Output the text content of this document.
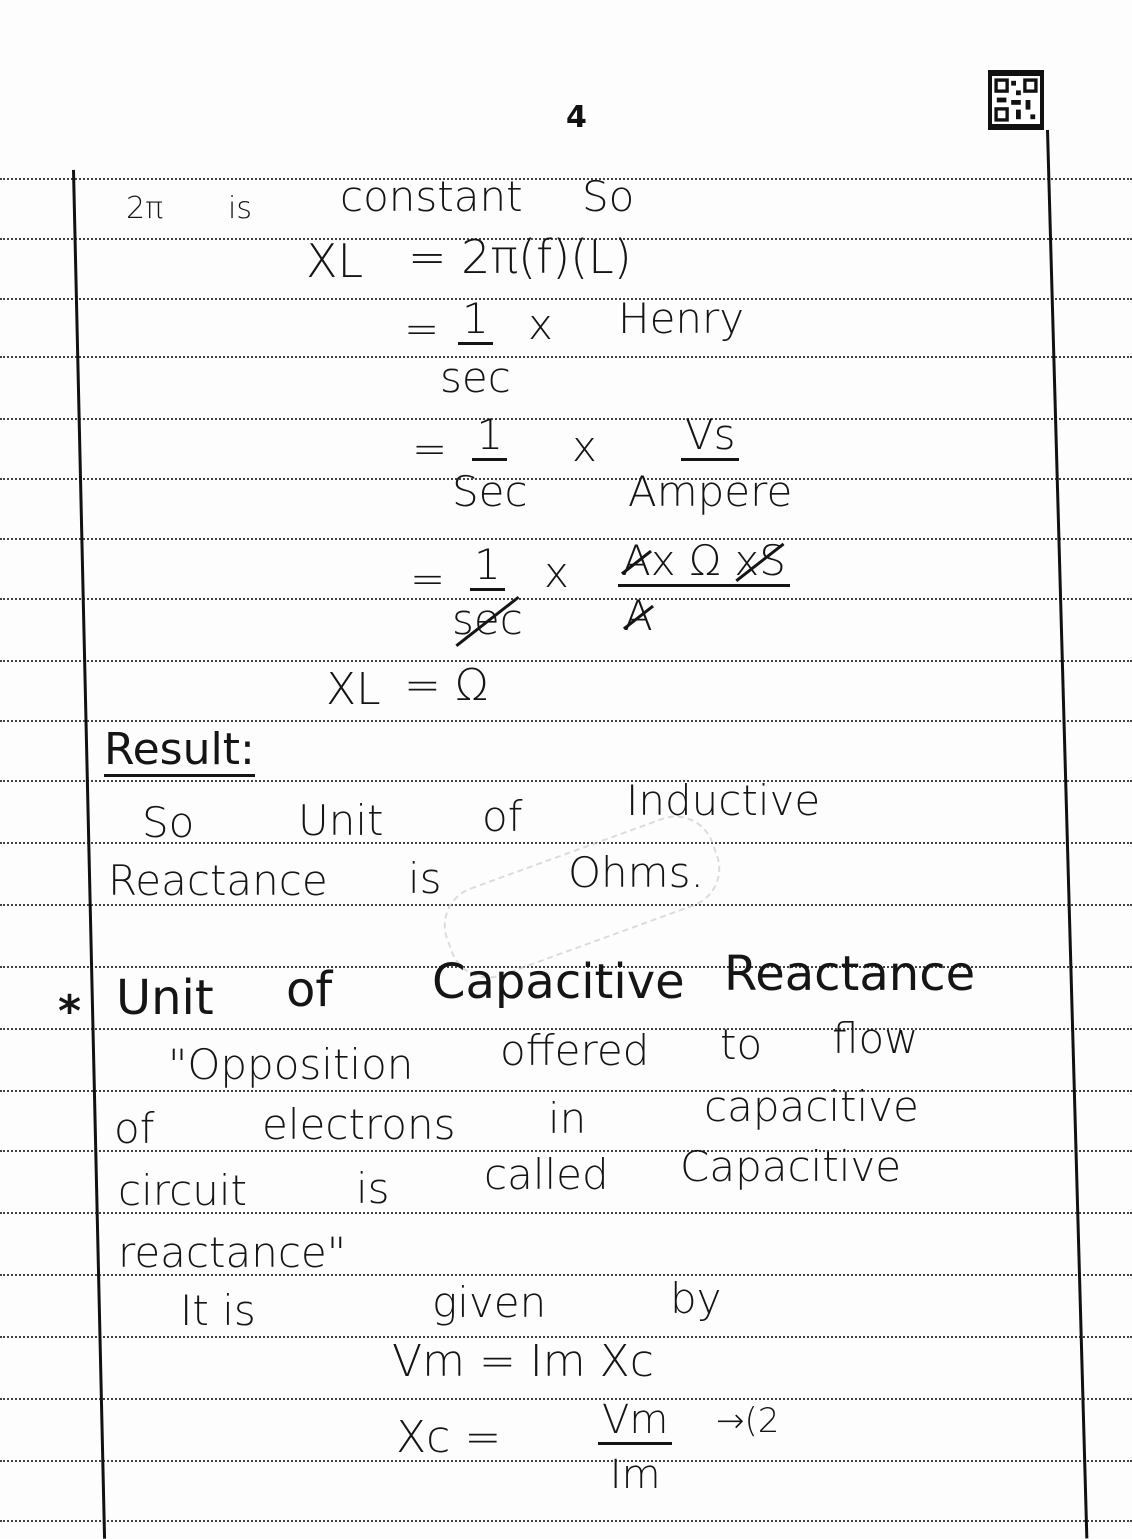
4
2π is constant So
XL = 2π(f)(L)
= 1
sec
x Henry
= 1
Sec
x Vs
Ampere
= 1
sec
x $\frac{\text{Ax Ω xS}}{A}$
XL = Ω
Result:
So Unit of Inductive
Reactance is	Ohms.
* Unit of Capacitive Reactance
"Opposition offered to flow
of	electrons in	capacitive
circuit	is called Capacitive
reactance"
It is	given	by
Vm = Im Xc
$Xc = \frac{Vm}{Im} \to(2$
